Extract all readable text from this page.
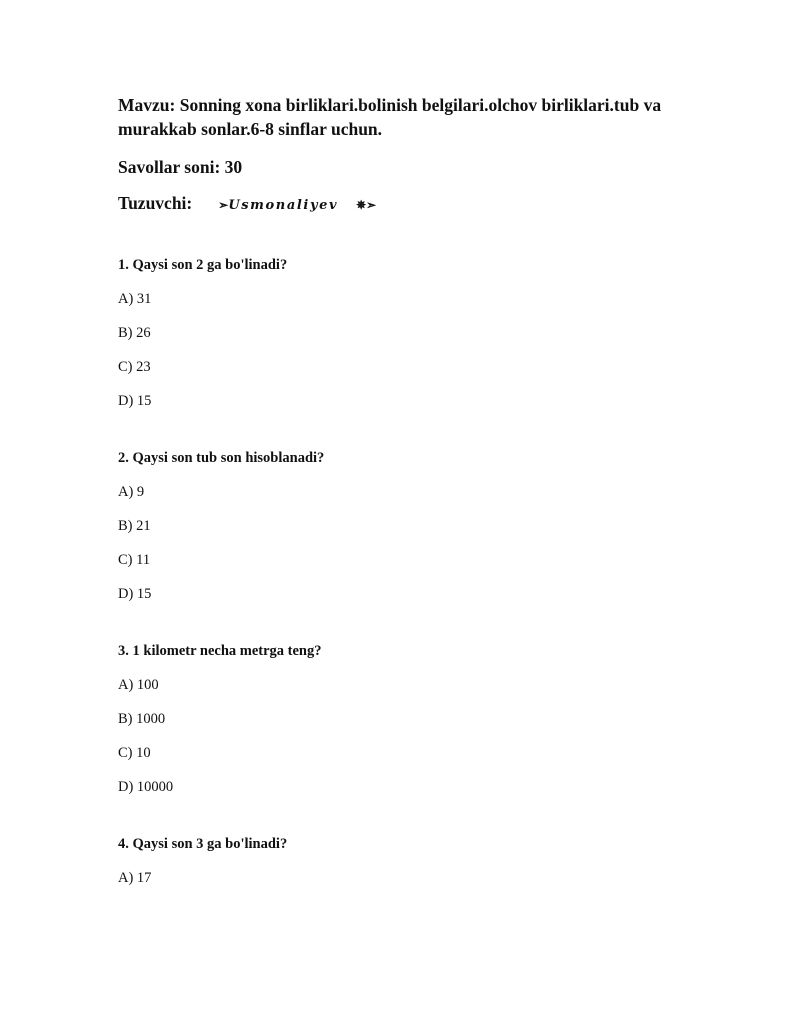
Mavzu: Sonning xona birliklari.bolinish belgilari.olchov birliklari.tub va murakkab sonlar.6-8 sinflar uchun.

Savollar soni: 30

Tuzuvchi: ➣Usmonaliyev ✵➣

1. Qaysi son 2 ga bo'linadi?

A) 31

B) 26

C) 23

D) 15

2. Qaysi son tub son hisoblanadi?

A) 9

B) 21

C) 11

D) 15

3. 1 kilometr necha metrga teng?

A) 100

B) 1000

C) 10

D) 10000

4. Qaysi son 3 ga bo'linadi?

A) 17
